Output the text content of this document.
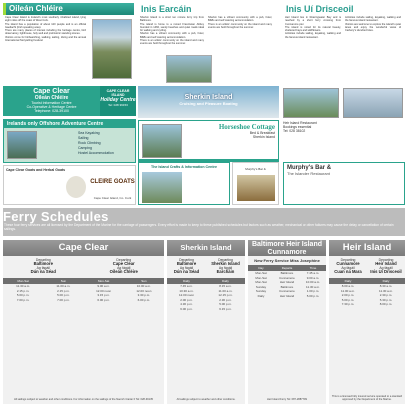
Oileán Chléire
Cape Clear Island is Ireland's most southerly inhabited island, lying eight miles off the coast of West Cork.
The island has a population of about 120 people and is an official Gaeltacht (Irish speaking area).
There are many places of interest including the heritage centre, bird observatory, lighthouse, holy well and prehistoric standing stones.
Visitors come for birdwatching, walking, sailing, diving and the annual International Storytelling Festival.
Inis Earcáin
Sherkin Island is a short ten minute ferry trip from Baltimore.
The island is home to a ruined Franciscan Abbey founded in 1460, sandy beaches and quiet roads ideal for walking and cycling.
Sherkin has a vibrant community with a pub, hotel, B&Bs and self catering accommodation.
There is an artists' community on the island and many events are held throughout the summer.
Sherkin has a vibrant community with a pub, hotel, B&Bs and self catering accommodation.
There is an artists' community on the island and many events are held throughout the summer.
Inis Uí Drisceoil
Heir Island lies in Roaringwater Bay and is reached by a short ferry crossing from Cunnamore pier.
The island is noted for its natural beauty, sheltered bays and wildflowers.
Activities include sailing, kayaking, walking and the famous island restaurant.
Activities include sailing, kayaking, walking and the famous island restaurant.
Visitors are welcome to explore the island's quiet lanes and enjoy the wonderful views of Carbery's Hundred Isles.
Cape Clear
Oileán Chléire
Tourist Information Centre
Co-Operative & Heritage Centre
Telephone: 028-39100
CAPE CLEAR ISLAND
Holiday Centre
Tel: 028 39153
Irelands only Offshore Adventure Centre
Sea Kayaking
Sailing
Rock Climbing
Camping
Hostel Accommodation
Cape Clear Goats and Herbal Goats
CLEIRE GOATS
Cape Clear Island, Co. Cork
Sherkin Island
Cruising and Pleasure Boating
Horseshoe Cottage
Bed & Breakfast
Sherkin Island
The Island Crafts & Information Centre	Murphy's Bar &
Heir Island Restaurant
Bookings essential
Tel: 028 38102
Murphy's Bar &
The Islander Restaurant
Ferry Schedules
These four ferry services are all licensed by the Department of the Marine for the carriage of passengers. Every effort is made to keep to these published schedules but factors such as weather, mechanical or other failures may cause the delay or cancellation of certain sailings.
Cape Clear
Departing
Baltimore
Ag fágáil
Dún na Séad
Departing
Cape Clear
Ag fágáil
Oileán Chléire
Mon-Sat	Sun	Mon-Sat	Sun
11.30 a.m.	11.00 a.m.	9.00 a.m.	10.00 a.m.
2.15 p.m.	2.15 p.m.	12.00 noon	12.00 noon
5.00 p.m.	5.00 p.m.	3.15 p.m.	3.30 p.m.
7.00 p.m.	7.00 p.m.	6.00 p.m.	6.00 p.m.
All sailings subject to weather and other conditions. For information on the sailings of the Naomh Ciarán II Tel: 028-39135
Sherkin Island
Departing
Baltimore
Ag fágáil
Dún na Séad
Departing
Sherkin Island
Ag fágáil
Earcháin
Daily	Daily
7.45 a.m.	8.15 a.m.
10.30 a.m.	11.00 a.m.
12.00 noon	12.15 p.m.
2.00 p.m.	2.30 p.m.
4.30 p.m.	5.00 p.m.
6.00 p.m.	6.15 p.m.
All sailings subject to weather and other conditions.
Baltimore Heir Island Cunnamore
New Ferry Service Miss Josephine
Day	Departs	Time
Mon-Sat	Baltimore	7.45 a.m.
Mon-Sat	Cunnamore	9.00 a.m.
Mon-Sat	Heir Island	10.00 a.m.
Sunday	Baltimore	11.30 a.m.
Sunday	Cunnamore	1.00 p.m.
Daily	Heir Island	5.00 p.m.
Heir Island Ferry Tel: 087-2887799
Heir Island
Departing
Cunnamore
Ag fágáil
Cuan na Mara
Departing
Heir Island
Ag fágáil
Inis Uí Drisceoil
Daily	Daily
8.00 a.m.	8.30 a.m.
11.00 a.m.	11.30 a.m.
2.00 p.m.	2.30 p.m.
5.00 p.m.	5.30 p.m.
7.30 p.m.	8.00 p.m.
This is a licensed fully insured service operated to a standard approved by the Department of the Marine.
